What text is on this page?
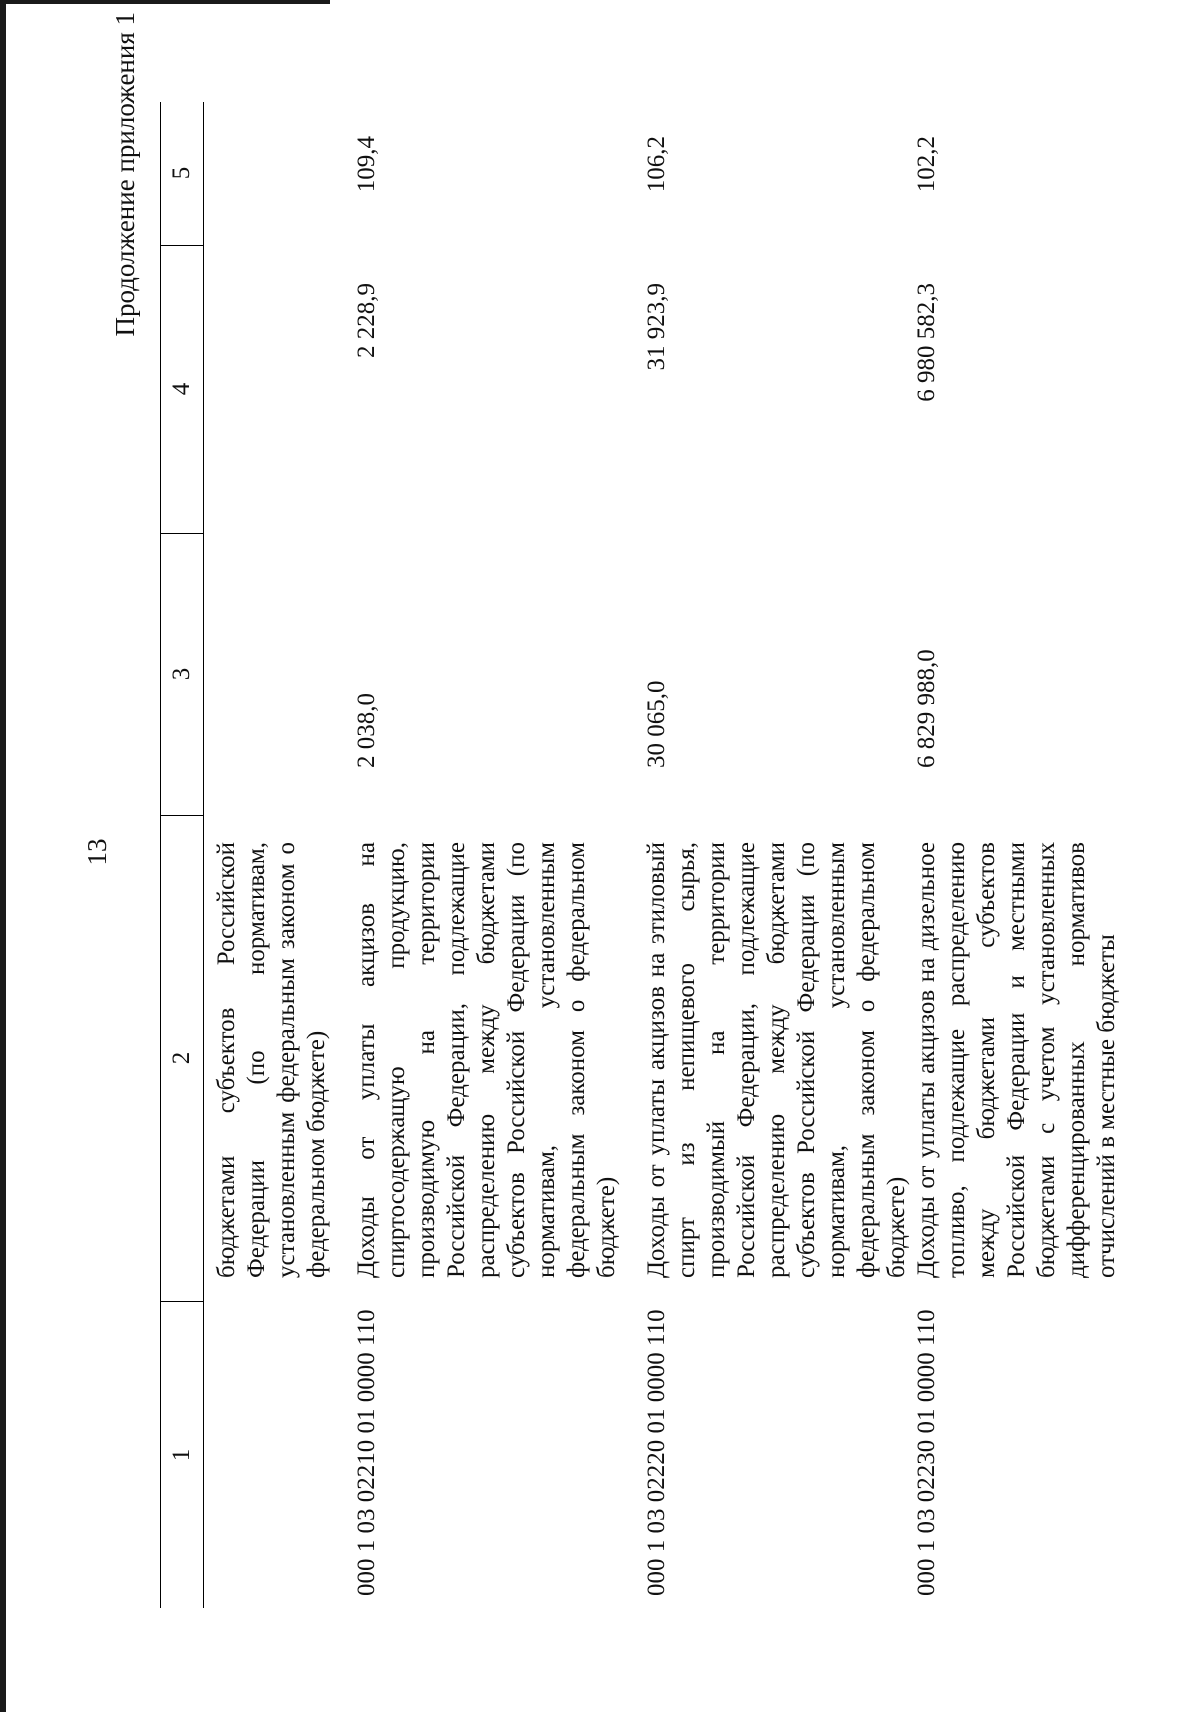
13
Продолжение приложения 1
1
2
3
4
5
бюджетами субъектов Российской Федерации (по нормативам, установленным федеральным законом о федеральном бюджете)
000 1 03 02210 01 0000 110
Доходы от уплаты акцизов на спиртосодержащую продукцию, производимую на территории Российской Федерации, подлежащие распределению между бюджетами субъектов Российской Федерации (по нормативам, установленным федеральным законом о федеральном бюджете)
2 038,0
2 228,9
109,4
000 1 03 02220 01 0000 110
Доходы от уплаты акцизов на этиловый спирт из непищевого сырья, производимый на территории Российской Федерации, подлежащие распределению между бюджетами субъектов Российской Федерации (по нормативам, установленным федеральным законом о федеральном бюджете)
30 065,0
31 923,9
106,2
000 1 03 02230 01 0000 110
Доходы от уплаты акцизов на дизельное топливо, подлежащие распределению между бюджетами субъектов Российской Федерации и местными бюджетами с учетом установленных дифференцированных нормативов отчислений в местные бюджеты
6 829 988,0
6 980 582,3
102,2
